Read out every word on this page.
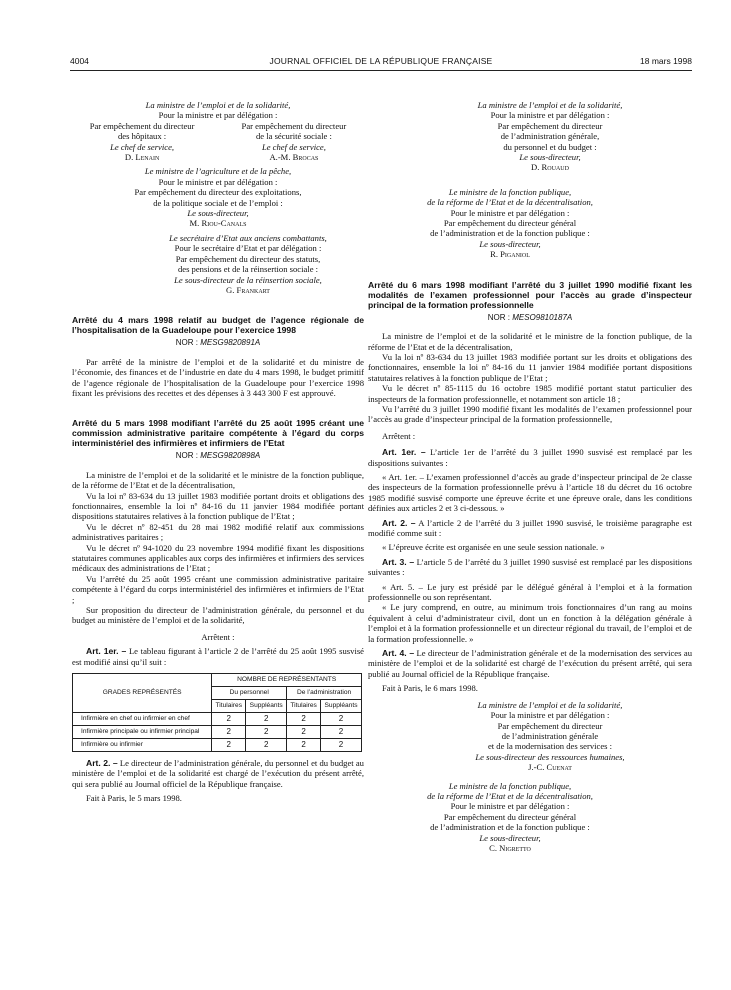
4004	JOURNAL OFFICIEL DE LA RÉPUBLIQUE FRANÇAISE	18 mars 1998
La ministre de l’emploi et de la solidarité,
Pour la ministre et par délégation :
Par empêchement du directeur
des hôpitaux :
Le chef de service,
D. Lenain
Par empêchement du directeur
de la sécurité sociale :
Le chef de service,
A.-M. Brocas
Le ministre de l’agriculture et de la pêche,
Pour le ministre et par délégation :
Par empêchement du directeur des exploitations,
de la politique sociale et de l’emploi :
Le sous-directeur,
M. Riou-Canals
Le secrétaire d’Etat aux anciens combattants,
Pour le secrétaire d’Etat et par délégation :
Par empêchement du directeur des statuts,
des pensions et de la réinsertion sociale :
Le sous-directeur de la réinsertion sociale,
G. Frankart

Arrêté du 4 mars 1998 relatif au budget de l’agence régionale de l’hospitalisation de la Guadeloupe pour l’exercice 1998

NOR : MESG9820891A

Par arrêté de la ministre de l’emploi et de la solidarité et du ministre de l’économie, des finances et de l’industrie en date du 4 mars 1998, le budget primitif de l’agence régionale de l’hospitalisation de la Guadeloupe pour l’exercice 1998 fixant les prévisions des recettes et des dépenses à 3 443 300 F est approuvé.

Arrêté du 5 mars 1998 modifiant l’arrêté du 25 août 1995 créant une commission administrative paritaire compétente à l’égard du corps interministériel des infirmières et infirmiers de l’Etat

NOR : MESG9820898A

La ministre de l’emploi et de la solidarité et le ministre de la fonction publique, de la réforme de l’Etat et de la décentralisation,

Vu la loi nº 83-634 du 13 juillet 1983 modifiée portant droits et obligations des fonctionnaires, ensemble la loi nº 84-16 du 11 janvier 1984 modifiée portant dispositions statutaires relatives à la fonction publique de l’Etat ;

Vu le décret nº 82-451 du 28 mai 1982 modifié relatif aux commissions administratives paritaires ;

Vu le décret nº 94-1020 du 23 novembre 1994 modifié fixant les dispositions statutaires communes applicables aux corps des infirmières et infirmiers des services médicaux des administrations de l’Etat ;

Vu l’arrêté du 25 août 1995 créant une commission administrative paritaire compétente à l’égard du corps interministériel des infirmières et infirmiers de l’Etat ;

Sur proposition du directeur de l’administration générale, du personnel et du budget au ministère de l’emploi et de la solidarité,

Arrêtent :

Art. 1er. – Le tableau figurant à l’article 2 de l’arrêté du 25 août 1995 susvisé est modifié ainsi qu’il suit :

GRADES REPRÉSENTÉS	NOMBRE DE REPRÉSENTANTS			
	Du personnel		De l’administration	
	Titulaires	Suppléants	Titulaires	Suppléants
Infirmière en chef ou infirmier en chef	2	2	2	2
Infirmière principale ou infirmier principal	2	2	2	2
Infirmière ou infirmier	2	2	2	2

Art. 2. – Le directeur de l’administration générale, du personnel et du budget au ministère de l’emploi et de la solidarité est chargé de l’exécution du présent arrêté, qui sera publié au Journal officiel de la République française.

Fait à Paris, le 5 mars 1998.

La ministre de l’emploi et de la solidarité,
Pour la ministre et par délégation :
Par empêchement du directeur
de l’administration générale,
du personnel et du budget :
Le sous-directeur,
D. Rouaud
Le ministre de la fonction publique,
de la réforme de l’Etat et de la décentralisation,
Pour le ministre et par délégation :
Par empêchement du directeur général
de l’administration et de la fonction publique :
Le sous-directeur,
R. Piganiol

Arrêté du 6 mars 1998 modifiant l’arrêté du 3 juillet 1990 modifié fixant les modalités de l’examen professionnel pour l’accès au grade d’inspecteur principal de la formation professionnelle

NOR : MESO9810187A

La ministre de l’emploi et de la solidarité et le ministre de la fonction publique, de la réforme de l’Etat et de la décentralisation,

Vu la loi nº 83-634 du 13 juillet 1983 modifiée portant sur les droits et obligations des fonctionnaires, ensemble la loi nº 84-16 du 11 janvier 1984 modifiée portant dispositions statutaires relatives à la fonction publique de l’Etat ;

Vu le décret nº 85-1115 du 16 octobre 1985 modifié portant statut particulier des inspecteurs de la formation professionnelle, et notamment son article 18 ;

Vu l’arrêté du 3 juillet 1990 modifié fixant les modalités de l’examen professionnel pour l’accès au grade d’inspecteur principal de la formation professionnelle,

Arrêtent :

Art. 1er. – L’article 1er de l’arrêté du 3 juillet 1990 susvisé est remplacé par les dispositions suivantes :

« Art. 1er. – L’examen professionnel d’accès au grade d’inspecteur principal de 2e classe des inspecteurs de la formation professionnelle prévu à l’article 18 du décret du 16 octobre 1985 modifié susvisé comporte une épreuve écrite et une épreuve orale, dans les conditions définies aux articles 2 et 3 ci-dessous. »

Art. 2. – A l’article 2 de l’arrêté du 3 juillet 1990 susvisé, le troisième paragraphe est modifié comme suit :

« L’épreuve écrite est organisée en une seule session nationale. »

Art. 3. – L’article 5 de l’arrêté du 3 juillet 1990 susvisé est remplacé par les dispositions suivantes :

« Art. 5. – Le jury est présidé par le délégué général à l’emploi et à la formation professionnelle ou son représentant.

« Le jury comprend, en outre, au minimum trois fonctionnaires d’un rang au moins équivalent à celui d’administrateur civil, dont un en fonction à la délégation générale à l’emploi et à la formation professionnelle et un directeur régional du travail, de l’emploi et de la formation professionnelle. »

Art. 4. – Le directeur de l’administration générale et de la modernisation des services au ministère de l’emploi et de la solidarité est chargé de l’exécution du présent arrêté, qui sera publié au Journal officiel de la République française.

Fait à Paris, le 6 mars 1998.

La ministre de l’emploi et de la solidarité,
Pour la ministre et par délégation :
Par empêchement du directeur
de l’administration générale
et de la modernisation des services :
Le sous-directeur des ressources humaines,
J.-C. Cuenat
Le ministre de la fonction publique,
de la réforme de l’Etat et de la décentralisation,
Pour le ministre et par délégation :
Par empêchement du directeur général
de l’administration et de la fonction publique :
Le sous-directeur,
C. Nigretto
